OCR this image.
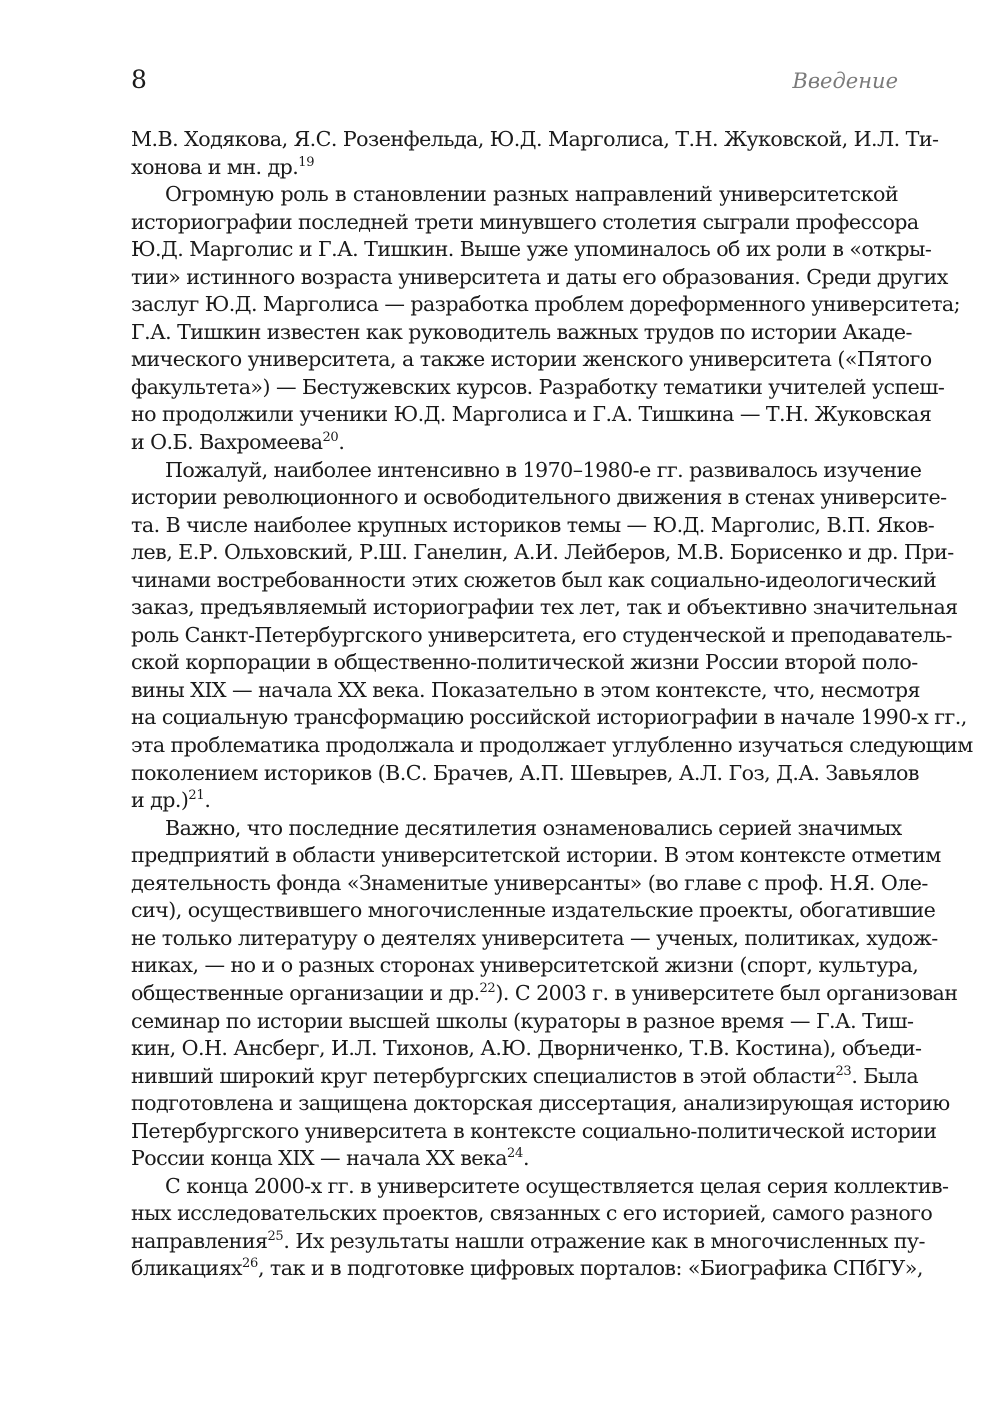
8	Введение
М.В. Ходякова, Я.С. Розенфельда, Ю.Д. Марголиса, Т.Н. Жуковской, И.Л. Ти-
хонова и мн. др.$^{19}$
Огромную роль в становлении разных направлений университетской
историографии последней трети минувшего столетия сыграли профессора
Ю.Д. Марголис и Г.А. Тишкин. Выше уже упоминалось об их роли в «откры-
тии» истинного возраста университета и даты его образования. Среди других
заслуг Ю.Д. Марголиса — разработка проблем дореформенного университета;
Г.А. Тишкин известен как руководитель важных трудов по истории Акаде-
мического университета, а также истории женского университета («Пятого
факультета») — Бестужевских курсов. Разработку тематики учителей успеш-
но продолжили ученики Ю.Д. Марголиса и Г.А. Тишкина — Т.Н. Жуковская
и О.Б. Вахромеева$^{20}$.
Пожалуй, наиболее интенсивно в 1970–1980-е гг. развивалось изучение
истории революционного и освободительного движения в стенах университе-
та. В числе наиболее крупных историков темы — Ю.Д. Марголис, В.П. Яков-
лев, Е.Р. Ольховский, Р.Ш. Ганелин, А.И. Лейберов, М.В. Борисенко и др. При-
чинами востребованности этих сюжетов был как социально-идеологический
заказ, предъявляемый историографии тех лет, так и объективно значительная
роль Санкт-Петербургского университета, его студенческой и преподаватель-
ской корпорации в общественно-политической жизни России второй поло-
вины XIX — начала XX века. Показательно в этом контексте, что, несмотря
на социальную трансформацию российской историографии в начале 1990-х гг.,
эта проблематика продолжала и продолжает углубленно изучаться следующим
поколением историков (В.С. Брачев, А.П. Шевырев, А.Л. Гоз, Д.А. Завьялов
и др.)$^{21}$.
Важно, что последние десятилетия ознаменовались серией значимых
предприятий в области университетской истории. В этом контексте отметим
деятельность фонда «Знаменитые универсанты» (во главе с проф. Н.Я. Оле-
сич), осуществившего многочисленные издательские проекты, обогатившие
не только литературу о деятелях университета — ученых, политиках, худож-
никах, — но и о разных сторонах университетской жизни (спорт, культура,
общественные организации и др.$^{22}$). С 2003 г. в университете был организован
семинар по истории высшей школы (кураторы в разное время — Г.А. Тиш-
кин, О.Н. Ансберг, И.Л. Тихонов, А.Ю. Дворниченко, Т.В. Костина), объеди-
нивший широкий круг петербургских специалистов в этой области$^{23}$. Была
подготовлена и защищена докторская диссертация, анализирующая историю
Петербургского университета в контексте социально-политической истории
России конца XIX — начала XX века$^{24}$.
С конца 2000-х гг. в университете осуществляется целая серия коллектив-
ных исследовательских проектов, связанных с его историей, самого разного
направления$^{25}$. Их результаты нашли отражение как в многочисленных пу-
бликациях$^{26}$, так и в подготовке цифровых порталов: «Биографика СПбГУ»,
